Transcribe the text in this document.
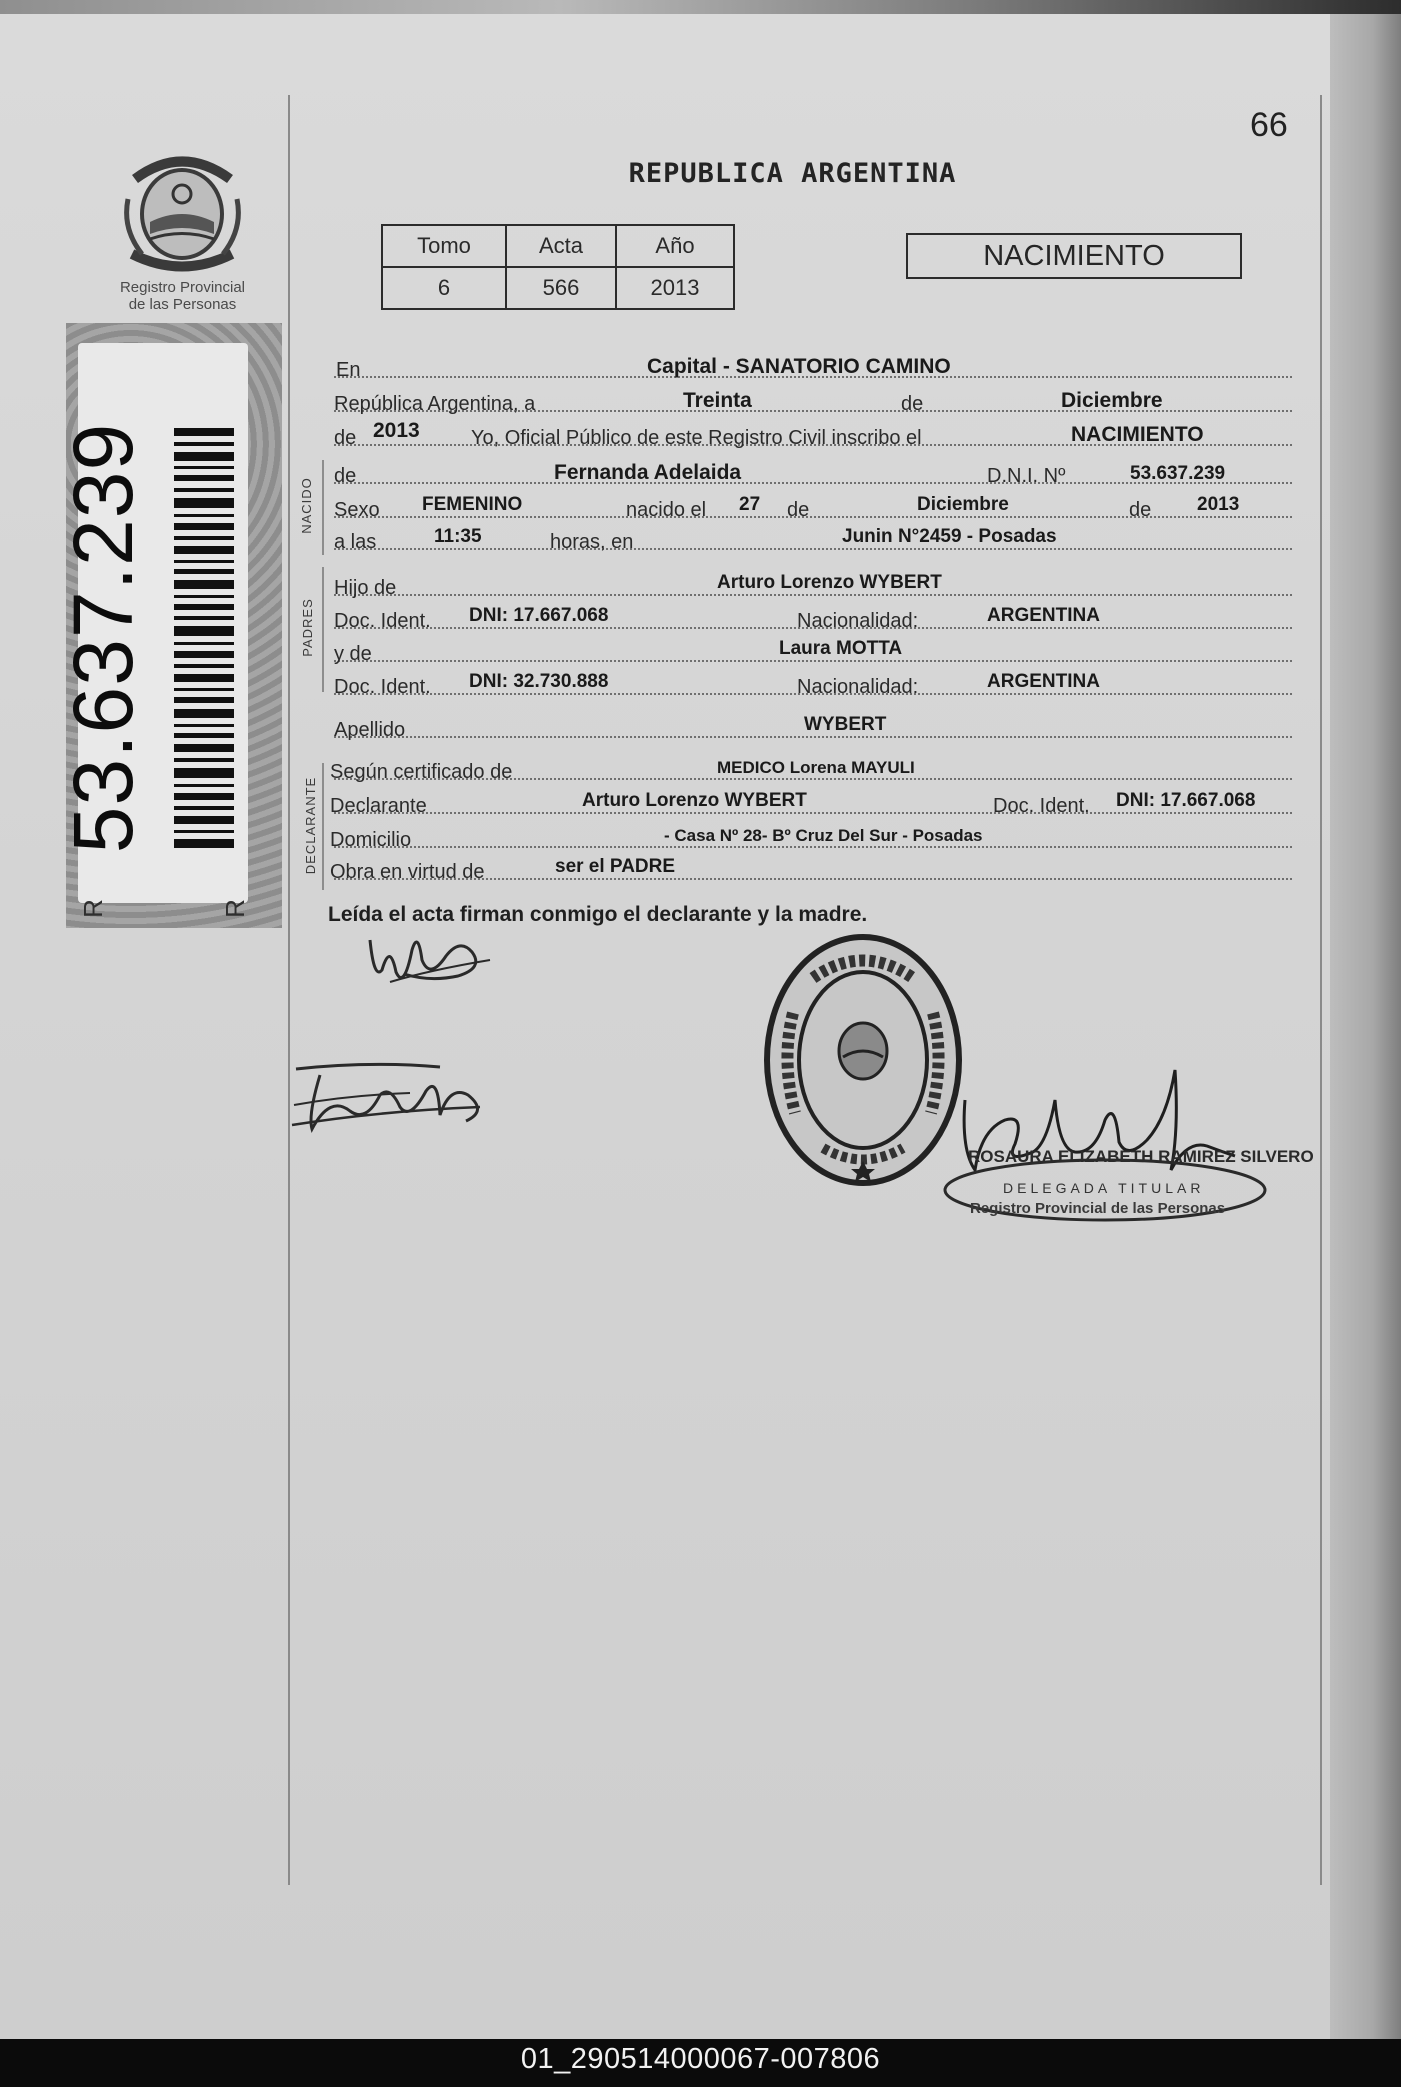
66
REPUBLICA ARGENTINA
Tomo	Acta	Año
6	566	2013
NACIMIENTO
Registro Provincial
de las Personas
53.637.239
R	R
NACIDO
PADRES
DECLARANTE
En	Capital - SANATORIO CAMINO
República Argentina, a	Treinta	de	Diciembre
de 2013	Yo, Oficial Público de este Registro Civil inscribo el	NACIMIENTO
de	Fernanda Adelaida	D.N.I. Nº	53.637.239
Sexo FEMENINO	nacido el 27 de	Diciembre	de 2013
a las	11:35	horas, en	Junin N°2459 - Posadas
Hijo de	Arturo Lorenzo WYBERT
Doc. Ident. DNI: 17.667.068	Nacionalidad:	ARGENTINA
y de	Laura MOTTA
Doc. Ident. DNI: 32.730.888	Nacionalidad:	ARGENTINA
Apellido	WYBERT
Según certificado de	MEDICO Lorena MAYULI
Declarante	Arturo Lorenzo WYBERT	Doc. Ident. DNI: 17.667.068
Domicilio	- Casa Nº 28- Bº Cruz Del Sur - Posadas
Obra en virtud de	ser el PADRE
Leída el acta firman conmigo el declarante y la madre.
ROSAURA ELIZABETH RAMIREZ SILVERO
DELEGADA TITULAR
Registro Provincial de las Personas
01_290514000067-007806
